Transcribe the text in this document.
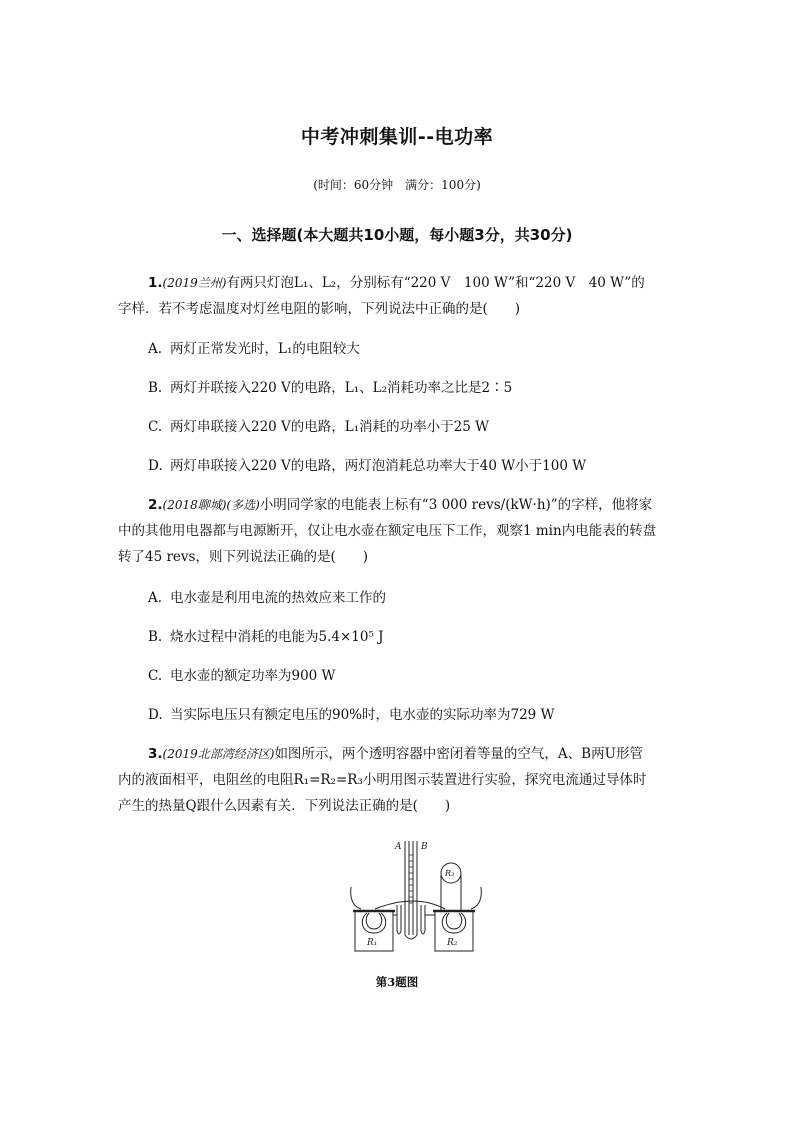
中考冲刺集训--电功率
(时间：60分钟　满分：100分)
一、选择题(本大题共10小题，每小题3分，共30分)
1.(2019兰州)有两只灯泡L₁、L₂，分别标有“220 V　100 W”和“220 V　40 W”的
字样．若不考虑温度对灯丝电阻的影响，下列说法中正确的是(　　)
A. 两灯正常发光时，L₁的电阻较大
B. 两灯并联接入220 V的电路，L₁、L₂消耗功率之比是2∶5
C. 两灯串联接入220 V的电路，L₁消耗的功率小于25 W
D. 两灯串联接入220 V的电路，两灯泡消耗总功率大于40 W小于100 W
2.(2018聊城)(多选)小明同学家的电能表上标有“3 000 revs/(kW·h)”的字样，他将家
中的其他用电器都与电源断开，仅让电水壶在额定电压下工作，观察1 min内电能表的转盘
转了45 revs，则下列说法正确的是(　　)
A. 电水壶是利用电流的热效应来工作的
B. 烧水过程中消耗的电能为5.4×10⁵ J
C. 电水壶的额定功率为900 W
D. 当实际电压只有额定电压的90%时，电水壶的实际功率为729 W
3.(2019北部湾经济区)如图所示，两个透明容器中密闭着等量的空气，A、B两U形管
内的液面相平，电阻丝的电阻R₁=R₂=R₃小明用图示装置进行实验，探究电流通过导体时
产生的热量Q跟什么因素有关．下列说法正确的是(　　)
A B
R₁	R₂
R₃
第3题图
